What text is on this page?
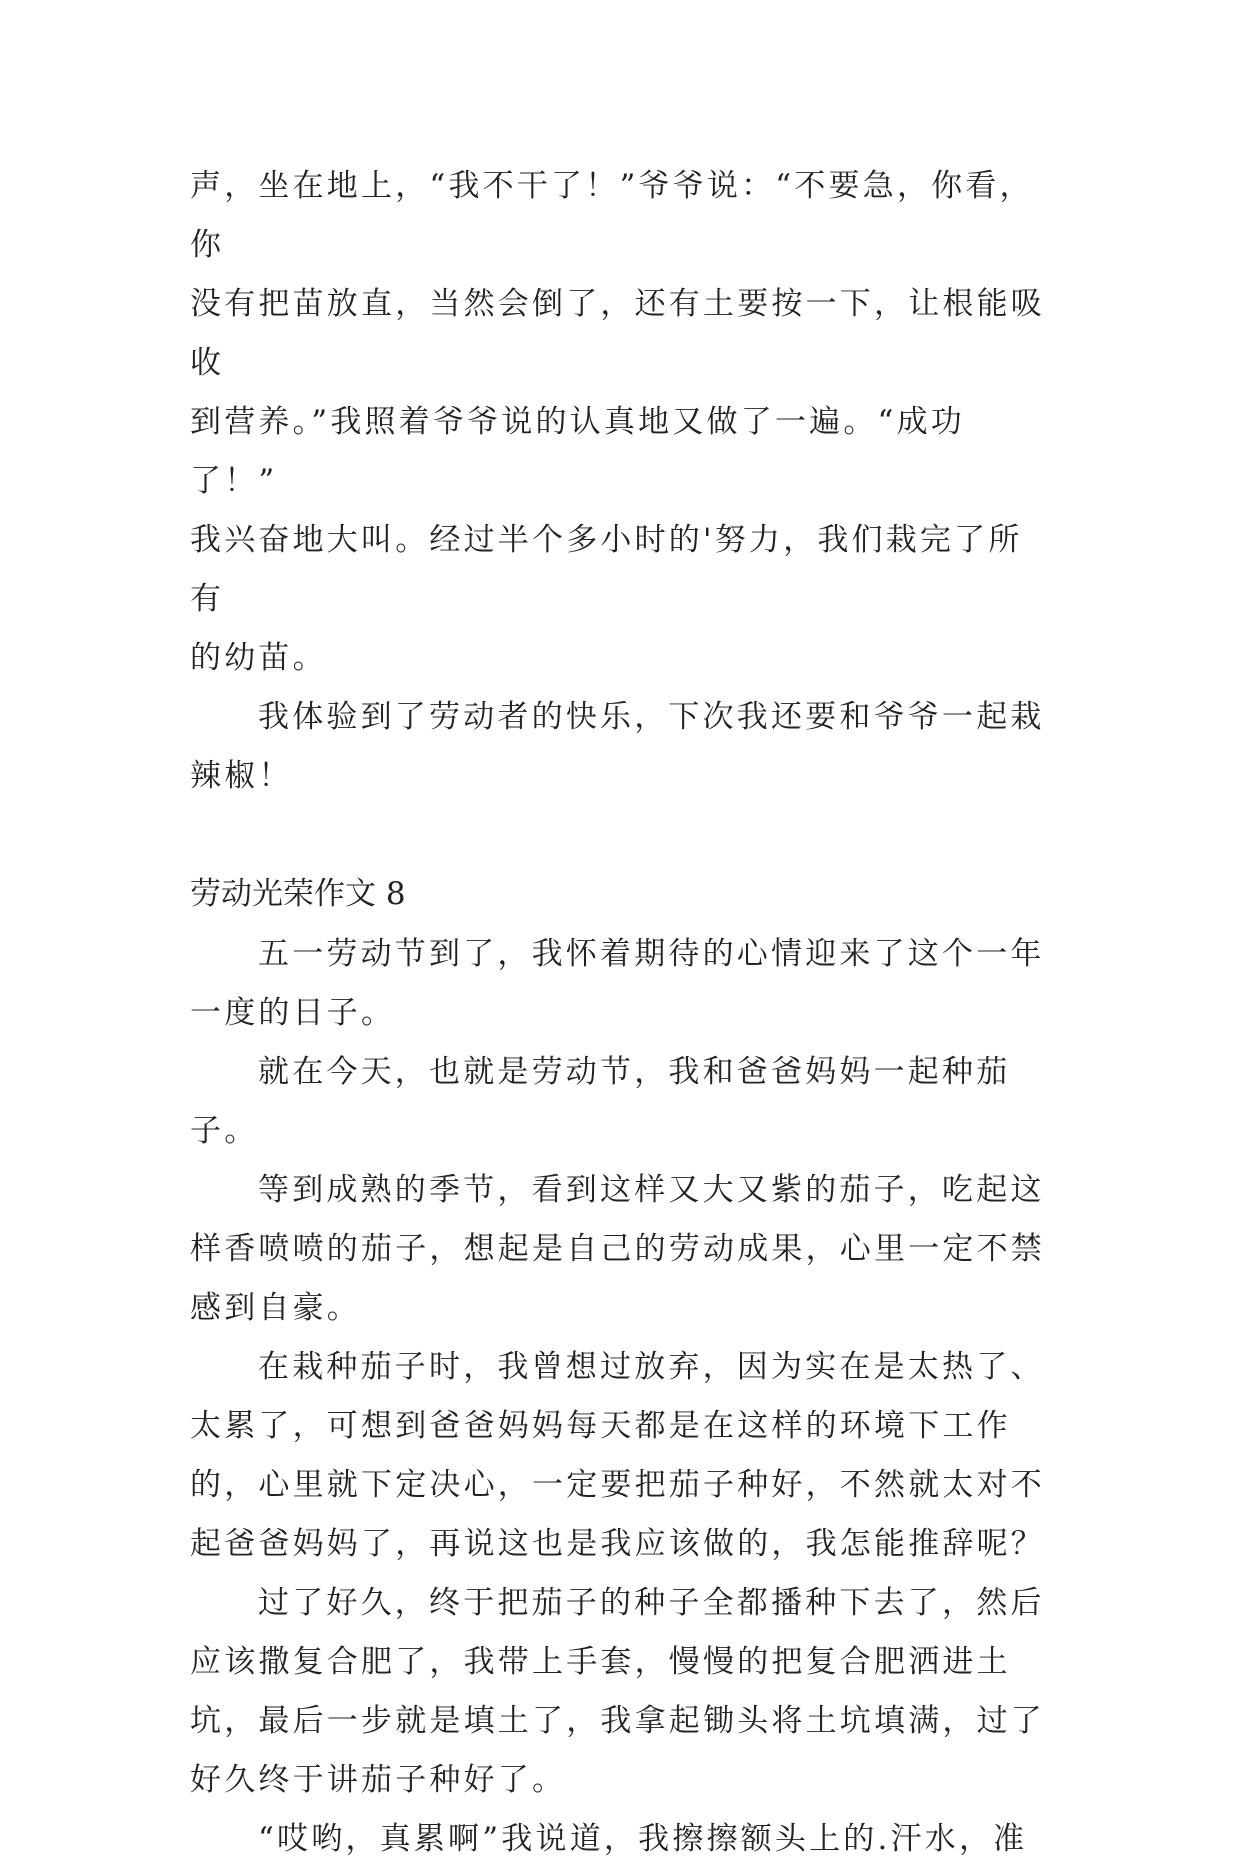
声，坐在地上，“我不干了！”爷爷说：“不要急，你看，你

没有把苗放直，当然会倒了，还有土要按一下，让根能吸收

到营养。”我照着爷爷说的认真地又做了一遍。“成功了！”

我兴奋地大叫。经过半个多小时的'努力，我们栽完了所有

的幼苗。

我体验到了劳动者的快乐，下次我还要和爷爷一起栽辣椒！

劳动光荣作文 8

五一劳动节到了，我怀着期待的心情迎来了这个一年一度的日子。

就在今天，也就是劳动节，我和爸爸妈妈一起种茄子。

等到成熟的季节，看到这样又大又紫的茄子，吃起这样香喷喷的茄子，想起是自己的劳动成果，心里一定不禁感到自豪。

在栽种茄子时，我曾想过放弃，因为实在是太热了、太累了，可想到爸爸妈妈每天都是在这样的环境下工作的，心里就下定决心，一定要把茄子种好，不然就太对不起爸爸妈妈了，再说这也是我应该做的，我怎能推辞呢？

过了好久，终于把茄子的种子全都播种下去了，然后应该撒复合肥了，我带上手套，慢慢的把复合肥洒进土坑，最后一步就是填土了，我拿起锄头将土坑填满，过了好久终于讲茄子种好了。

“哎哟，真累啊”我说道，我擦擦额头上的.汗水，准
